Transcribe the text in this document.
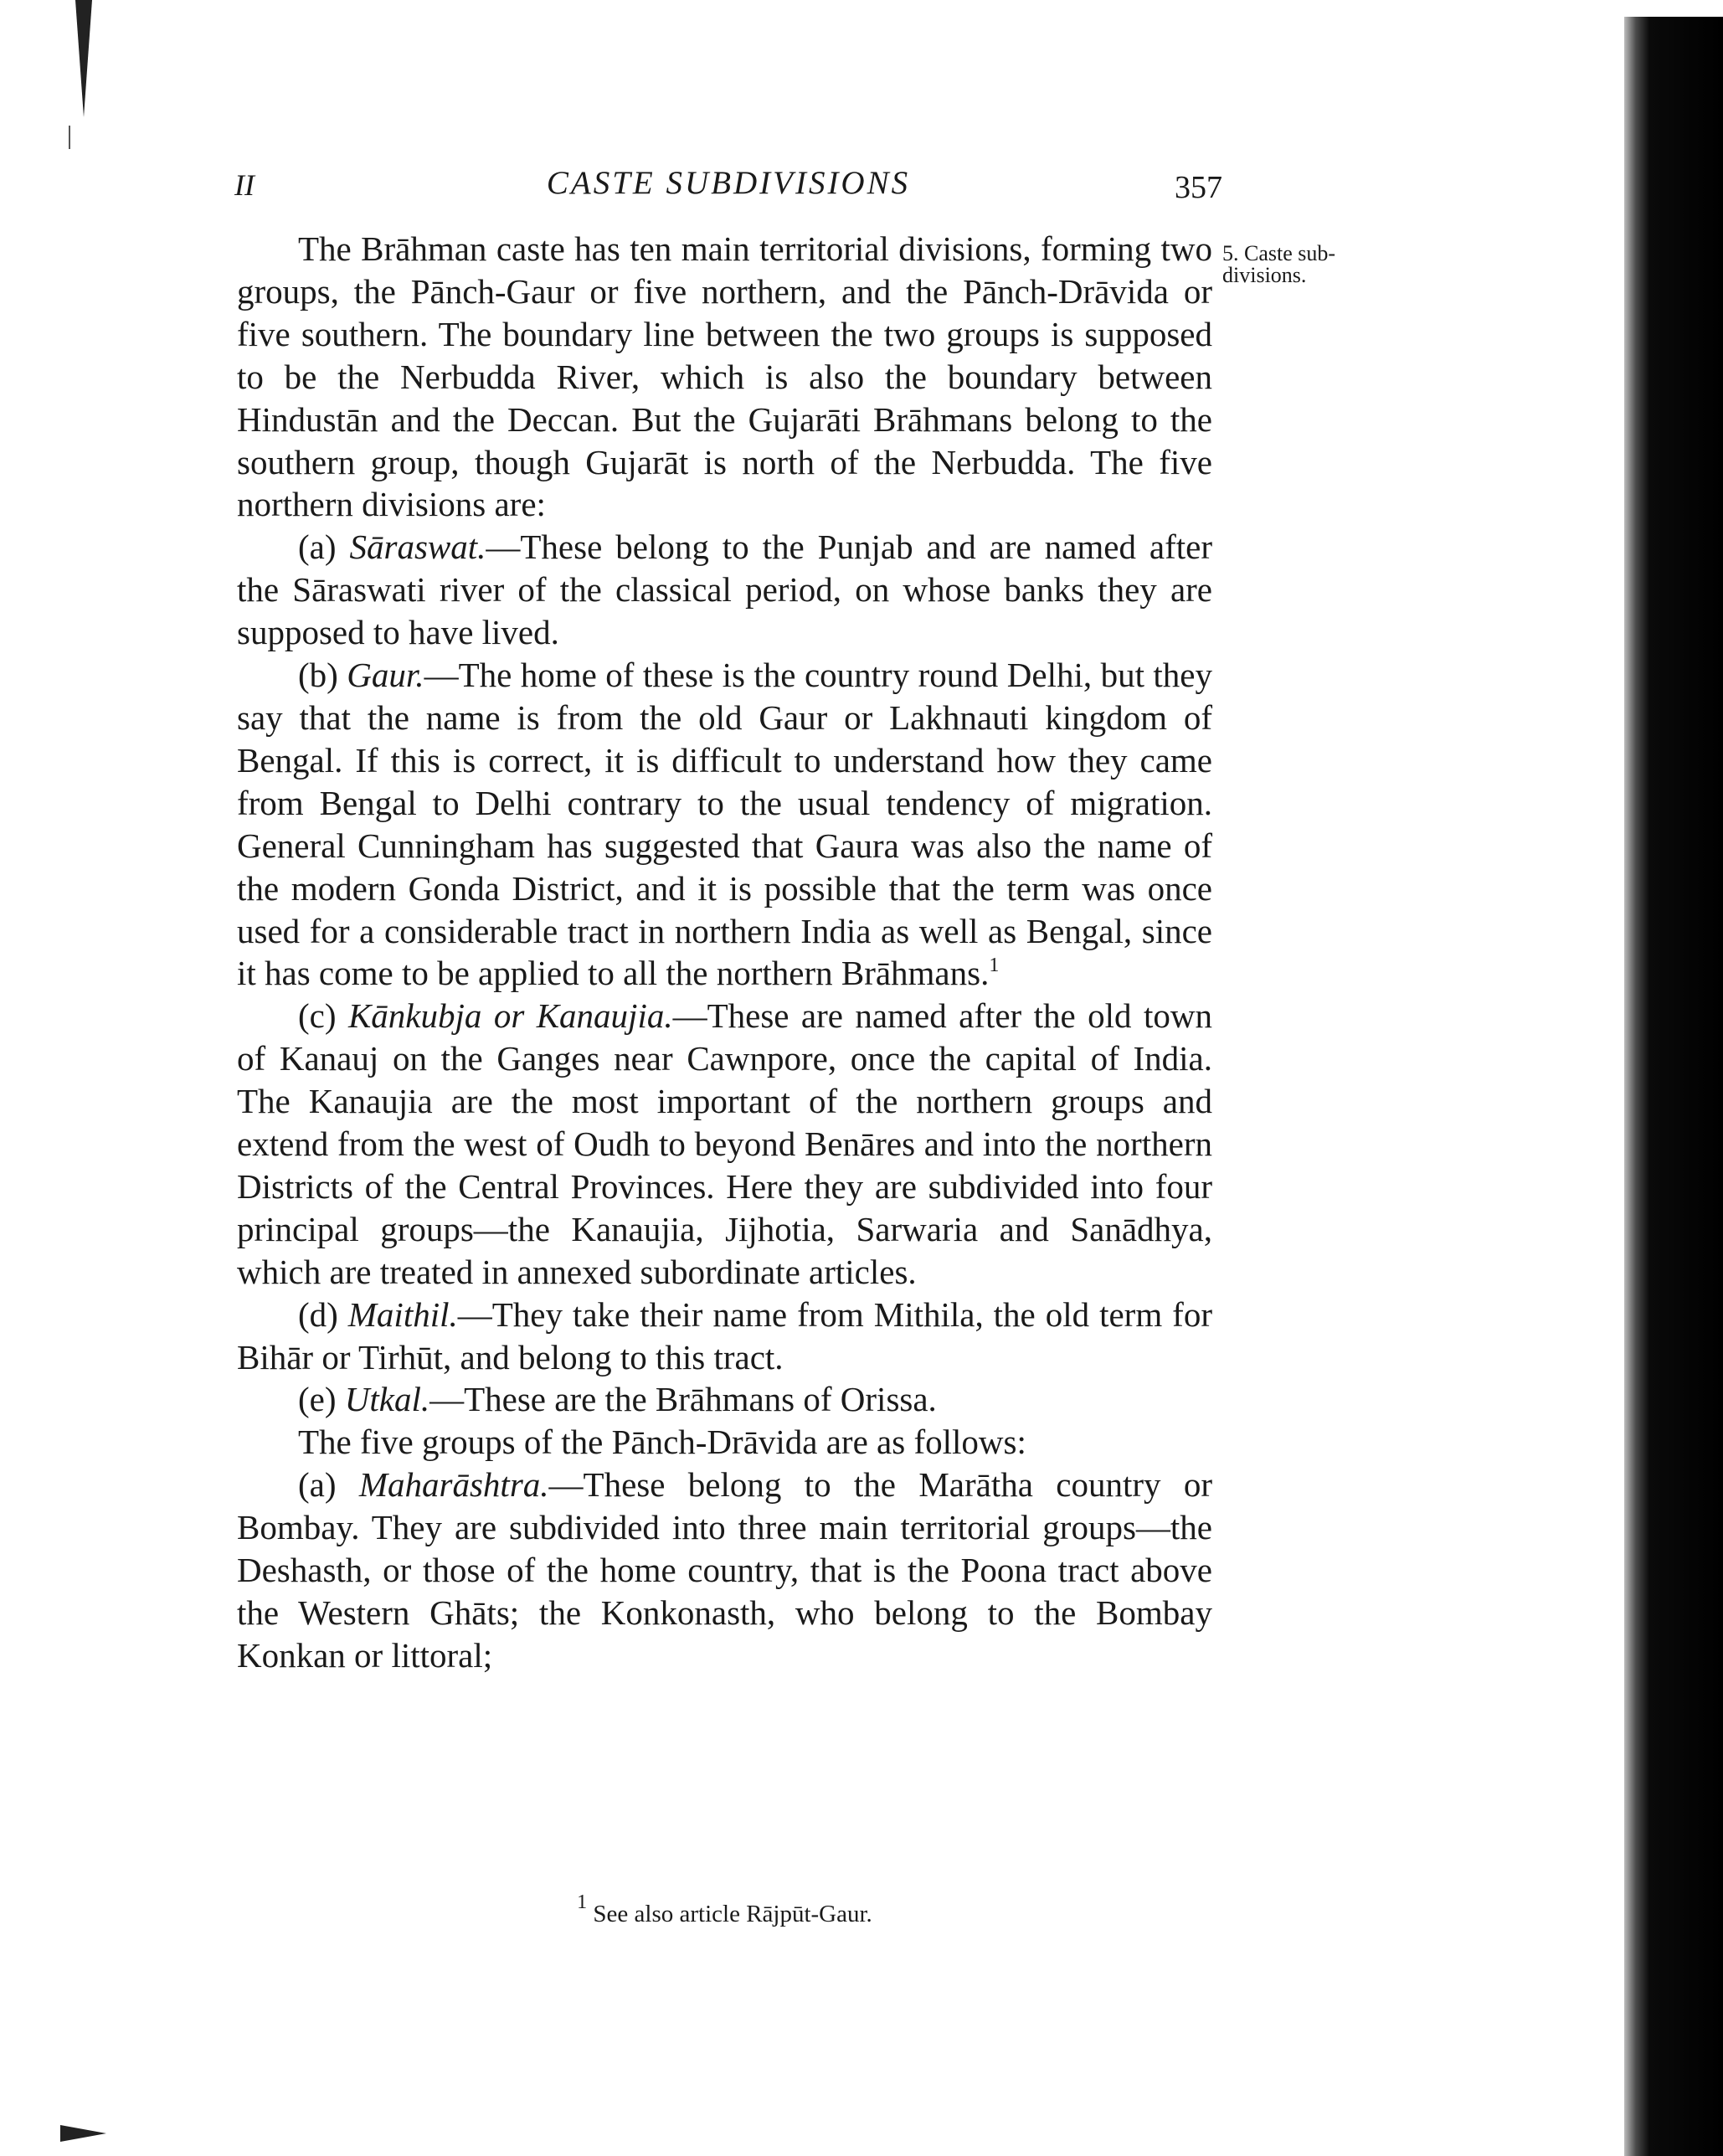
II	CASTE SUBDIVISIONS	357
5. Caste sub-divisions.

The Brāhman caste has ten main territorial divisions, forming two groups, the Pānch-Gaur or five northern, and the Pānch-Drāvida or five southern. The boundary line between the two groups is supposed to be the Nerbudda River, which is also the boundary between Hindustān and the Deccan. But the Gujarāti Brāhmans belong to the southern group, though Gujarāt is north of the Nerbudda. The five northern divisions are:

(a) Sāraswat.—These belong to the Punjab and are named after the Sāraswati river of the classical period, on whose banks they are supposed to have lived.

(b) Gaur.—The home of these is the country round Delhi, but they say that the name is from the old Gaur or Lakhnauti kingdom of Bengal. If this is correct, it is difficult to understand how they came from Bengal to Delhi contrary to the usual tendency of migration. General Cunningham has suggested that Gaura was also the name of the modern Gonda District, and it is possible that the term was once used for a considerable tract in northern India as well as Bengal, since it has come to be applied to all the northern Brāhmans.$^1$

(c) Kānkubja or Kanaujia.—These are named after the old town of Kanauj on the Ganges near Cawnpore, once the capital of India. The Kanaujia are the most important of the northern groups and extend from the west of Oudh to beyond Benāres and into the northern Districts of the Central Provinces. Here they are subdivided into four principal groups—the Kanaujia, Jijhotia, Sarwaria and Sanādhya, which are treated in annexed subordinate articles.

(d) Maithil.—They take their name from Mithila, the old term for Bihār or Tirhūt, and belong to this tract.

(e) Utkal.—These are the Brāhmans of Orissa.

The five groups of the Pānch-Drāvida are as follows:

(a) Maharāshtra.—These belong to the Marātha country or Bombay. They are subdivided into three main territorial groups—the Deshasth, or those of the home country, that is the Poona tract above the Western Ghāts; the Konkonasth, who belong to the Bombay Konkan or littoral;

$^1$ See also article Rājpūt-Gaur.
